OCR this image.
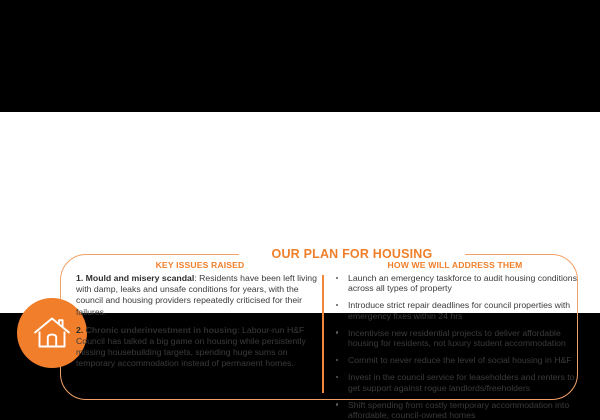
OUR PLAN FOR HOUSING
KEY ISSUES RAISED

1. Mould and misery scandal: Residents have been left living with damp, leaks and unsafe conditions for years, with the council and housing providers repeatedly criticised for their failures.

2. Chronic underinvestment in housing: Labour-run H&F Council has talked a big game on housing while persistently missing housebuilding targets, spending huge sums on temporary accommodation instead of permanent homes.

HOW WE WILL ADDRESS THEM
Launch an emergency taskforce to audit housing conditions across all types of property
Introduce strict repair deadlines for council properties with emergency fixes within 24 hrs
Incentivise new residential projects to deliver affordable housing for residents, not luxury student accommodation
Commit to never reduce the level of social housing in H&F
Invest in the council service for leaseholders and renters to get support against rogue landlords/freeholders
Shift spending from costly temporary accommodation into affordable, council-owned homes
